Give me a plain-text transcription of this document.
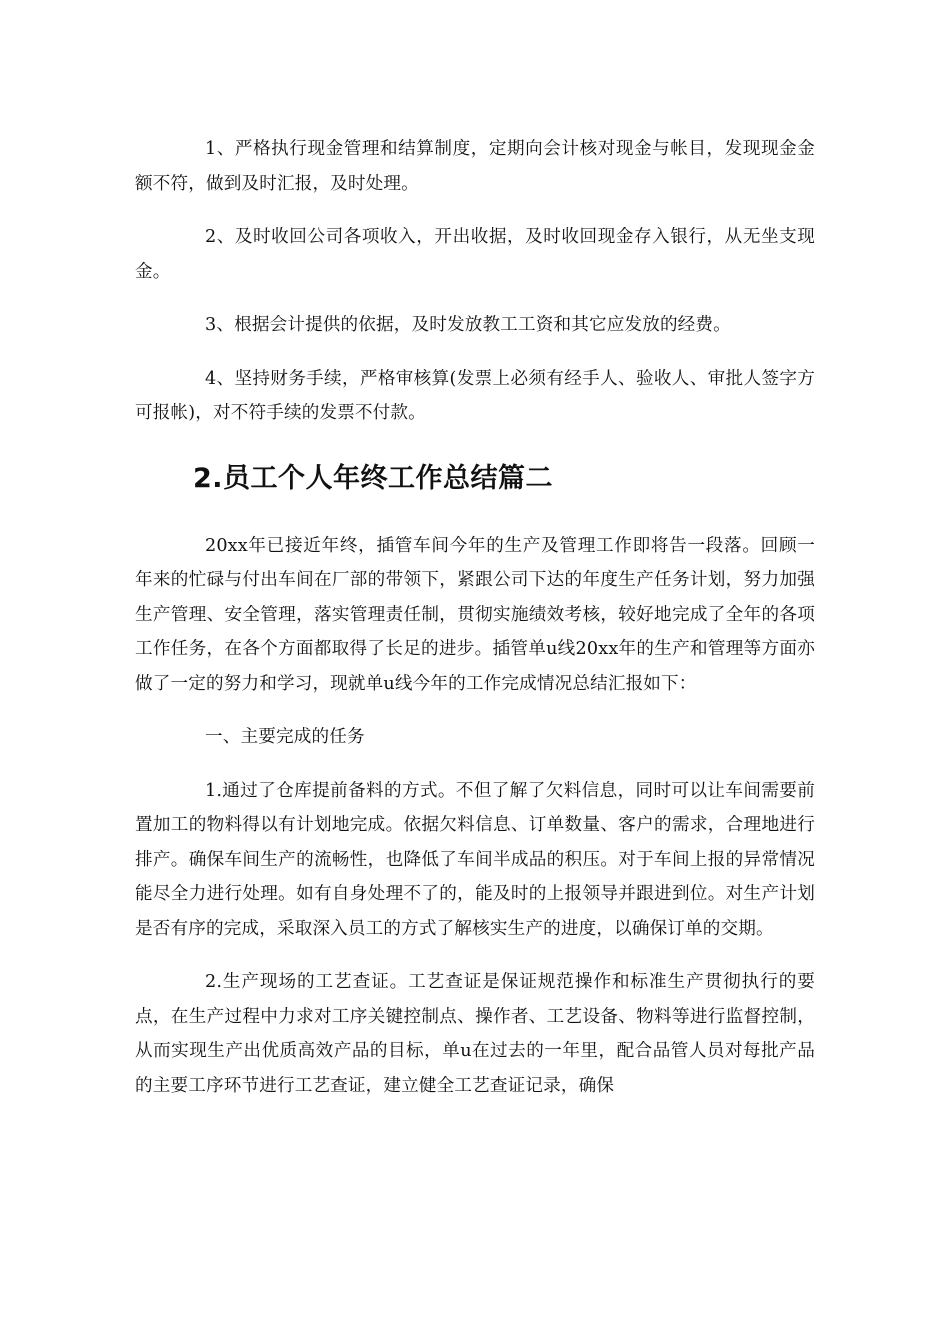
1、严格执行现金管理和结算制度，定期向会计核对现金与帐目，发现现金金额不符，做到及时汇报，及时处理。

2、及时收回公司各项收入，开出收据，及时收回现金存入银行，从无坐支现金。

3、根据会计提供的依据，及时发放教工工资和其它应发放的经费。

4、坚持财务手续，严格审核算(发票上必须有经手人、验收人、审批人签字方可报帐)，对不符手续的发票不付款。

2.员工个人年终工作总结篇二

20xx年已接近年终，插管车间今年的生产及管理工作即将告一段落。回顾一年来的忙碌与付出车间在厂部的带领下，紧跟公司下达的年度生产任务计划，努力加强生产管理、安全管理，落实管理责任制，贯彻实施绩效考核，较好地完成了全年的各项工作任务，在各个方面都取得了长足的进步。插管单u线20xx年的生产和管理等方面亦做了一定的努力和学习，现就单u线今年的工作完成情况总结汇报如下：

一、主要完成的任务

1.通过了仓库提前备料的方式。不但了解了欠料信息，同时可以让车间需要前置加工的物料得以有计划地完成。依据欠料信息、订单数量、客户的需求，合理地进行排产。确保车间生产的流畅性，也降低了车间半成品的积压。对于车间上报的异常情况能尽全力进行处理。如有自身处理不了的，能及时的上报领导并跟进到位。对生产计划是否有序的完成，采取深入员工的方式了解核实生产的进度，以确保订单的交期。

2.生产现场的工艺查证。工艺查证是保证规范操作和标准生产贯彻执行的要点，在生产过程中力求对工序关键控制点、操作者、工艺设备、物料等进行监督控制，从而实现生产出优质高效产品的目标，单u在过去的一年里，配合品管人员对每批产品的主要工序环节进行工艺查证，建立健全工艺查证记录，确保
